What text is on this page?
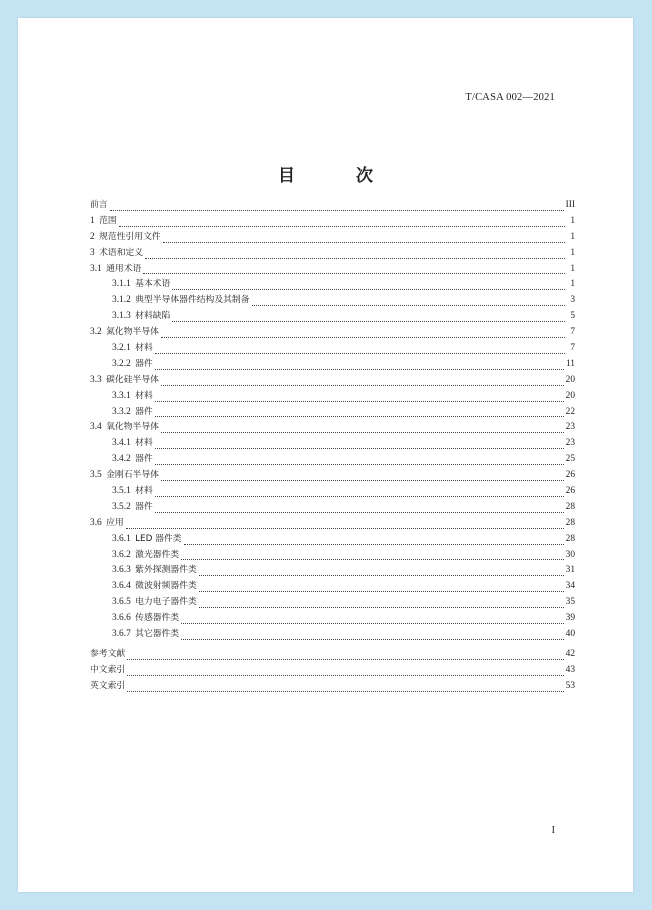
T/CASA 002—2021
目　次
前言	III
1  范围	1
2  规范性引用文件	1
3  术语和定义	1
3.1  通用术语	1
3.1.1  基本术语	1
3.1.2  典型半导体器件结构及其制备	3
3.1.3  材料缺陷	5
3.2  氮化物半导体	7
3.2.1  材料	7
3.2.2  器件	11
3.3  碳化硅半导体	20
3.3.1  材料	20
3.3.2  器件	22
3.4  氧化物半导体	23
3.4.1  材料	23
3.4.2  器件	25
3.5  金刚石半导体	26
3.5.1  材料	26
3.5.2  器件	28
3.6  应用	28
3.6.1  LED 器件类	28
3.6.2  激光器件类	30
3.6.3  紫外探测器件类	31
3.6.4  微波射频器件类	34
3.6.5  电力电子器件类	35
3.6.6  传感器件类	39
3.6.7  其它器件类	40
参考文献	42
中文索引	43
英文索引	53
I
